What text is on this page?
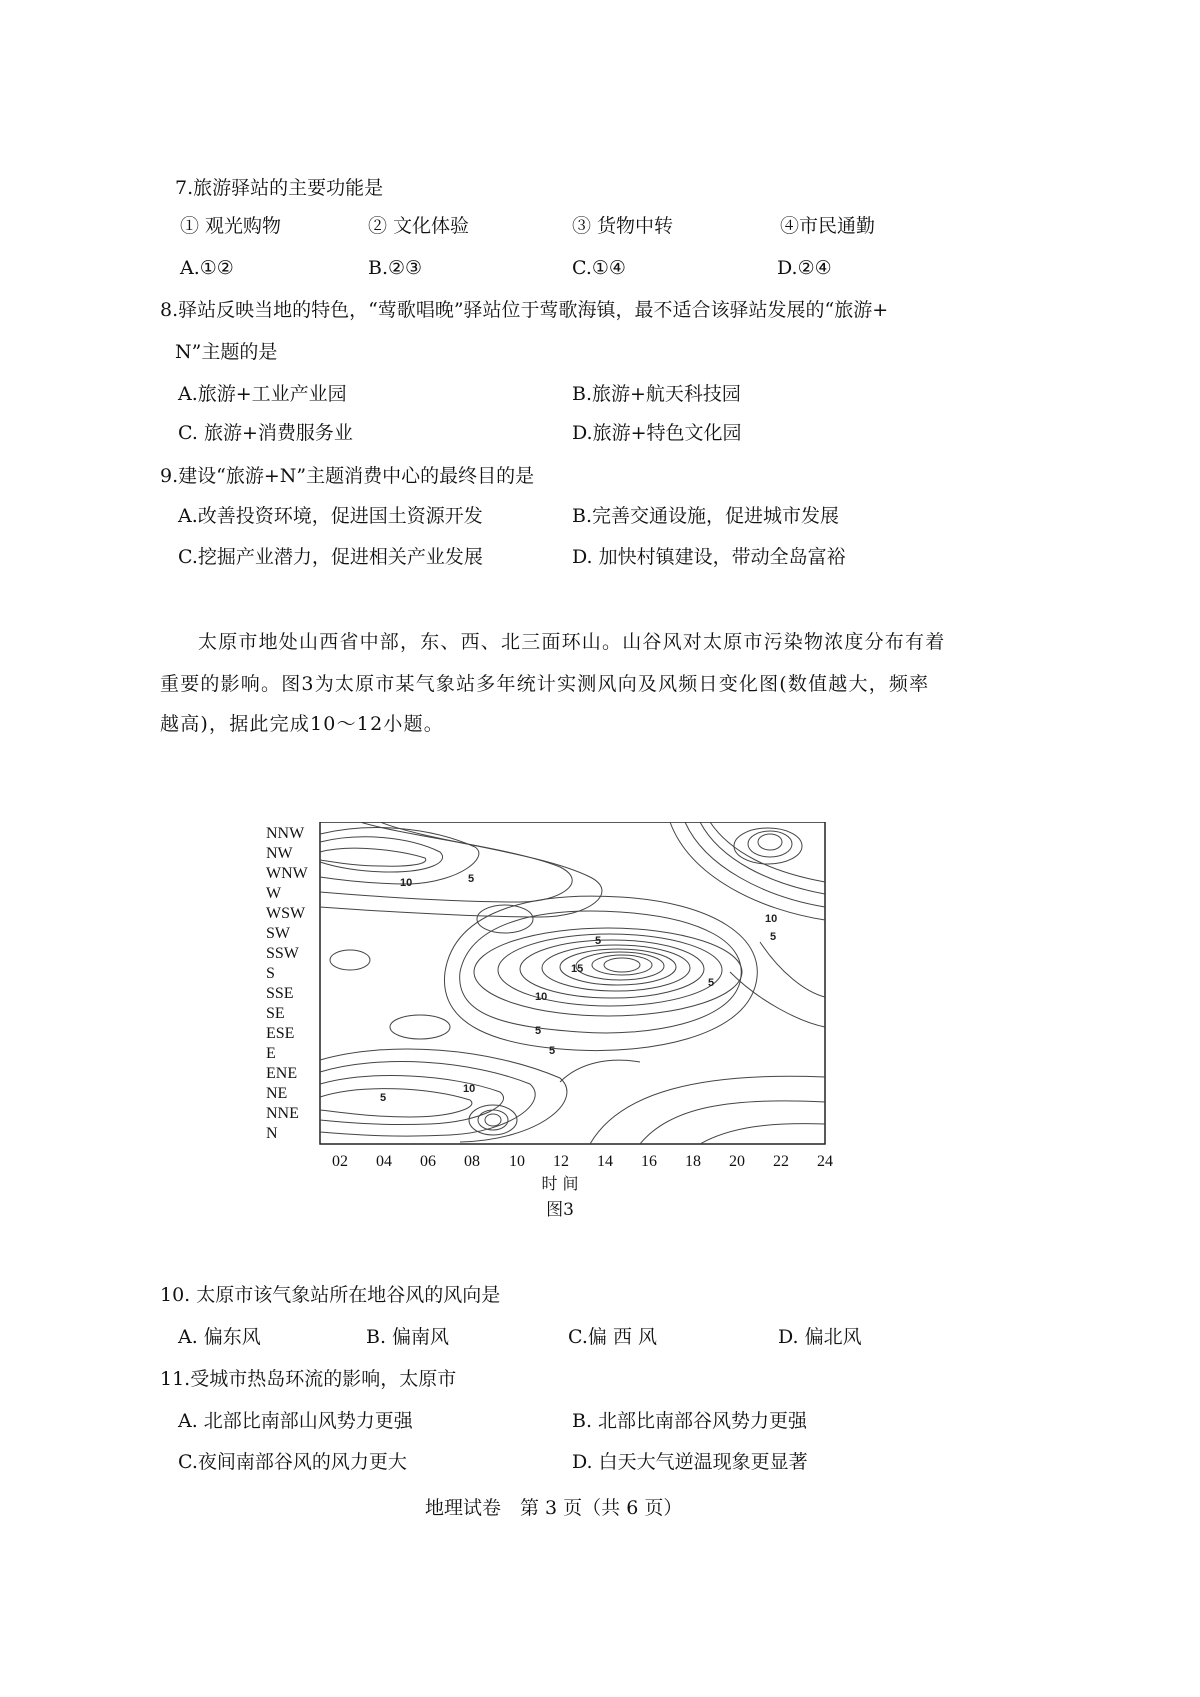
7.旅游驿站的主要功能是
① 观光购物	② 文化体验	③ 货物中转	④市民通勤
A.①②	B.②③	C.①④	D.②④
8.驿站反映当地的特色，“莺歌唱晚”驿站位于莺歌海镇，最不适合该驿站发展的“旅游+
N”主题的是
A.旅游+工业产业园	B.旅游+航天科技园
C. 旅游+消费服务业	D.旅游+特色文化园
9.建设“旅游+N”主题消费中心的最终目的是
A.改善投资环境，促进国土资源开发	B.完善交通设施，促进城市发展
C.挖掘产业潜力，促进相关产业发展	D. 加快村镇建设，带动全岛富裕
太原市地处山西省中部，东、西、北三面环山。山谷风对太原市污染物浓度分布有着
重要的影响。图3为太原市某气象站多年统计实测风向及风频日变化图(数值越大，频率
越高)，据此完成10～12小题。
NNW
NW
WNW
W
WSW
SW
SSW
S
SSE
SE
ESE
E
ENE
NE
NNE
N
10	5
10
5
5
15
10
5
5
5
5
10
02 04 06 08 10 12 14 16 18 20 22 24
时 间
图3
10. 太原市该气象站所在地谷风的风向是
A. 偏东风	B. 偏南风	C.偏 西 风	D. 偏北风
11.受城市热岛环流的影响，太原市
A. 北部比南部山风势力更强	B. 北部比南部谷风势力更强
C.夜间南部谷风的风力更大	D. 白天大气逆温现象更显著
地理试卷　第 3 页（共 6 页）
